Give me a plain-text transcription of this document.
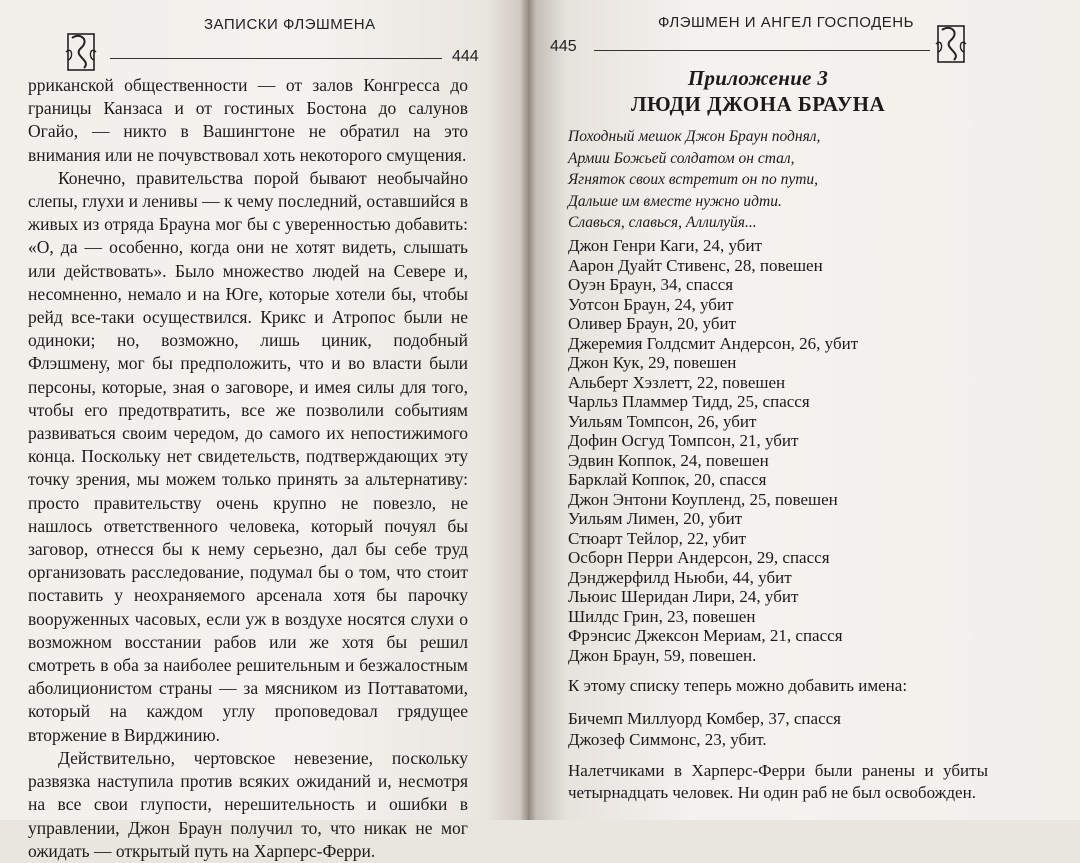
ЗАПИСКИ ФЛЭШМЕНА
444

рриканской общественности — от залов Конгресса до границы Канзаса и от гостиных Бостона до салунов Огайо, — никто в Вашингтоне не обратил на это внимания или не почувствовал хоть некоторого смущения.

Конечно, правительства порой бывают необычайно слепы, глухи и ленивы — к чему последний, оставшийся в живых из отряда Брауна мог бы с уверенностью добавить: «О, да — особенно, когда они не хотят видеть, слышать или действовать». Было множество людей на Севере и, несомненно, немало и на Юге, которые хотели бы, чтобы рейд все-таки осуществился. Крикс и Атропос были не одиноки; но, возможно, лишь циник, подобный Флэшмену, мог бы предположить, что и во власти были персоны, которые, зная о заговоре, и имея силы для того, чтобы его предотвратить, все же позволили событиям развиваться своим чередом, до самого их непостижимого конца. Поскольку нет свидетельств, подтверждающих эту точку зрения, мы можем только принять за альтернативу: просто правительству очень крупно не повезло, не нашлось ответственного человека, который почуял бы заговор, отнесся бы к нему серьезно, дал бы себе труд организовать расследование, подумал бы о том, что стоит поставить у неохраняемого арсенала хотя бы парочку вооруженных часовых, если уж в воздухе носятся слухи о возможном восстании рабов или же хотя бы решил смотреть в оба за наиболее решительным и безжалостным аболиционистом страны — за мясником из Поттаватоми, который на каждом углу проповедовал грядущее вторжение в Вирджинию.

Действительно, чертовское невезение, поскольку развязка наступила против всяких ожиданий и, несмотря на все свои глупости, нерешительность и ошибки в управлении, Джон Браун получил то, что никак не мог ожидать — открытый путь на Харперс-Ферри.

445
ФЛЭШМЕН И АНГЕЛ ГОСПОДЕНЬ
Приложение 3
ЛЮДИ ДЖОНА БРАУНА
Походный мешок Джон Браун поднял,
Армии Божьей солдатом он стал,
Ягняток своих встретит он по пути,
Дальше им вместе нужно идти.
Славься, славься, Аллилуйя...
Джон Генри Каги, 24, убит
Аарон Дуайт Стивенс, 28, повешен
Оуэн Браун, 34, спасся
Уотсон Браун, 24, убит
Оливер Браун, 20, убит
Джеремия Голдсмит Андерсон, 26, убит
Джон Кук, 29, повешен
Альберт Хэзлетт, 22, повешен
Чарльз Пламмер Тидд, 25, спасся
Уильям Томпсон, 26, убит
Дофин Осгуд Томпсон, 21, убит
Эдвин Коппок, 24, повешен
Барклай Коппок, 20, спасся
Джон Энтони Коупленд, 25, повешен
Уильям Лимен, 20, убит
Стюарт Тейлор, 22, убит
Осборн Перри Андерсон, 29, спасся
Дэнджерфилд Ньюби, 44, убит
Льюис Шеридан Лири, 24, убит
Шилдс Грин, 23, повешен
Фрэнсис Джексон Мериам, 21, спасся
Джон Браун, 59, повешен.
К этому списку теперь можно добавить имена:
Бичемп Миллуорд Комбер, 37, спасся
Джозеф Симмонс, 23, убит.

Налетчиками в Харперс-Ферри были ранены и убиты четырнадцать человек. Ни один раб не был освобожден.
